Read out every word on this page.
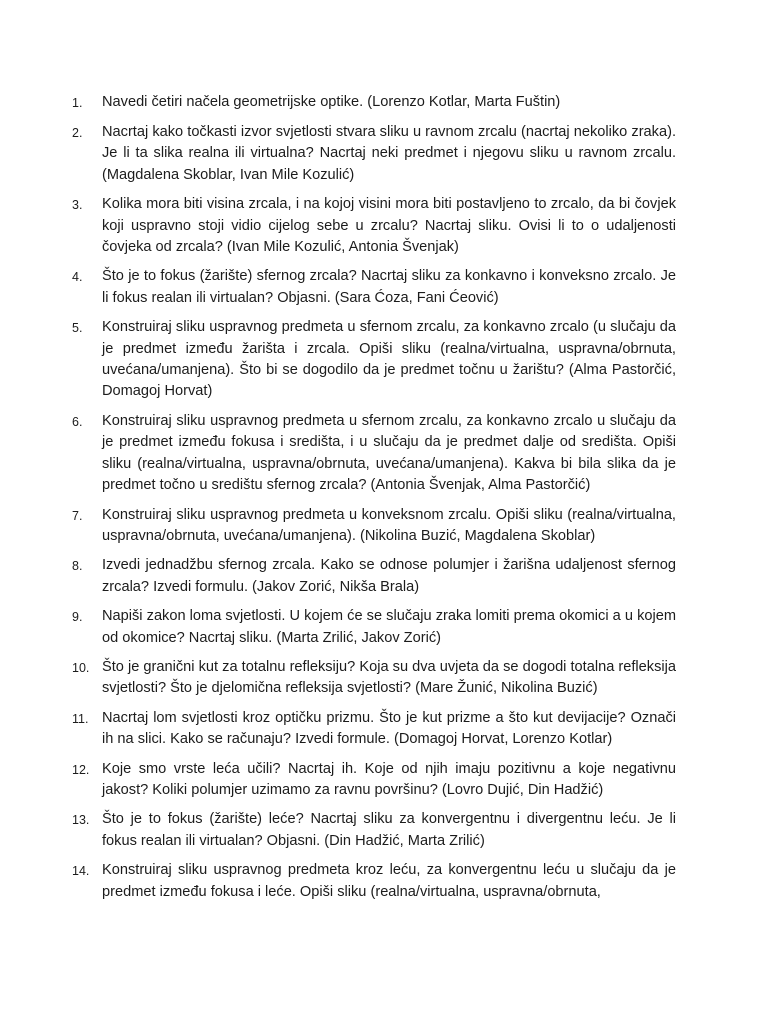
1.	Navedi četiri načela geometrijske optike. (Lorenzo Kotlar, Marta Fuštin)
2.	Nacrtaj kako točkasti izvor svjetlosti stvara sliku u ravnom zrcalu (nacrtaj nekoliko zraka). Je li ta slika realna ili virtualna? Nacrtaj neki predmet i njegovu sliku u ravnom zrcalu. (Magdalena Skoblar, Ivan Mile Kozulić)
3.	Kolika mora biti visina zrcala, i na kojoj visini mora biti postavljeno to zrcalo, da bi čovjek koji uspravno stoji vidio cijelog sebe u zrcalu? Nacrtaj sliku. Ovisi li to o udaljenosti čovjeka od zrcala? (Ivan Mile Kozulić, Antonia Švenjak)
4.	Što je to fokus (žarište) sfernog zrcala? Nacrtaj sliku za konkavno i konveksno zrcalo. Je li fokus realan ili virtualan? Objasni. (Sara Ćoza, Fani Ćeović)
5.	Konstruiraj sliku uspravnog predmeta u sfernom zrcalu, za konkavno zrcalo (u slučaju da je predmet između žarišta i zrcala. Opiši sliku (realna/virtualna, uspravna/obrnuta, uvećana/umanjena). Što bi se dogodilo da je predmet točnu u žarištu? (Alma Pastorčić, Domagoj Horvat)
6.	Konstruiraj sliku uspravnog predmeta u sfernom zrcalu, za konkavno zrcalo u slučaju da je predmet između fokusa i središta, i u slučaju da je predmet dalje od središta. Opiši sliku (realna/virtualna, uspravna/obrnuta, uvećana/umanjena). Kakva bi bila slika da je predmet točno u središtu sfernog zrcala? (Antonia Švenjak, Alma Pastorčić)
7.	Konstruiraj sliku uspravnog predmeta u konveksnom zrcalu. Opiši sliku (realna/virtualna, uspravna/obrnuta, uvećana/umanjena). (Nikolina Buzić, Magdalena Skoblar)
8.	Izvedi jednadžbu sfernog zrcala. Kako se odnose polumjer i žarišna udaljenost sfernog zrcala? Izvedi formulu. (Jakov Zorić, Nikša Brala)
9.	Napiši zakon loma svjetlosti. U kojem će se slučaju zraka lomiti prema okomici a u kojem od okomice? Nacrtaj sliku. (Marta Zrilić, Jakov Zorić)
10. Što je granični kut za totalnu refleksiju? Koja su dva uvjeta da se dogodi totalna refleksija svjetlosti? Što je djelomična refleksija svjetlosti? (Mare Žunić, Nikolina Buzić)
11. Nacrtaj lom svjetlosti kroz optičku prizmu. Što je kut prizme a što kut devijacije? Označi ih na slici. Kako se računaju? Izvedi formule. (Domagoj Horvat, Lorenzo Kotlar)
12. Koje smo vrste leća učili? Nacrtaj ih. Koje od njih imaju pozitivnu a koje negativnu jakost? Koliki polumjer uzimamo za ravnu površinu? (Lovro Dujić, Din Hadžić)
13. Što je to fokus (žarište) leće? Nacrtaj sliku za konvergentnu i divergentnu leću. Je li fokus realan ili virtualan? Objasni. (Din Hadžić, Marta Zrilić)
14. Konstruiraj sliku uspravnog predmeta kroz leću, za konvergentnu leću u slučaju da je predmet između fokusa i leće. Opiši sliku (realna/virtualna, uspravna/obrnuta,
